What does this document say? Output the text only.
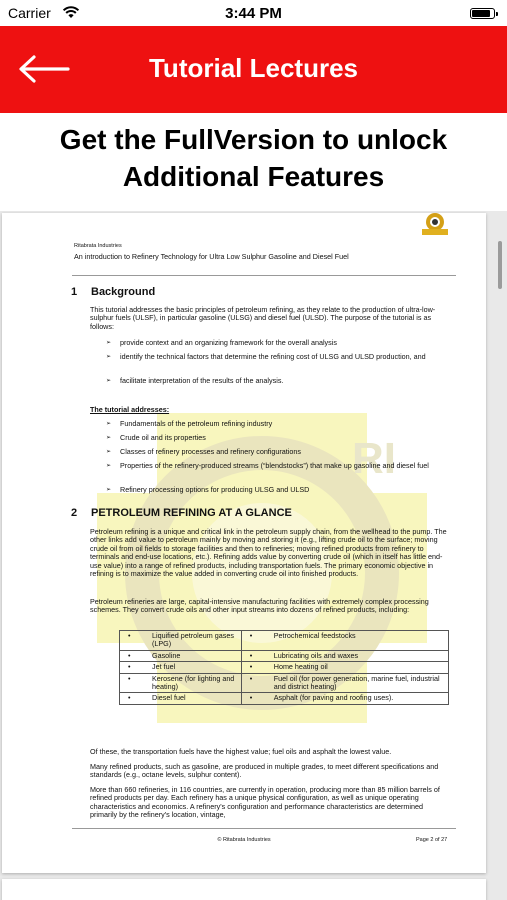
Carrier	3:44 PM
Tutorial Lectures
Get the FullVersion to unlock
Additional Features
RI
Ritabrata Industries
An introduction to Refinery Technology for Ultra Low Sulphur Gasoline and Diesel Fuel
1 Background
This tutorial addresses the basic principles of petroleum refining, as they relate to the production of ultra-low-sulphur fuels (ULSF), in particular gasoline (ULSG) and diesel fuel (ULSD). The purpose of the tutorial is as follows:
➢ provide context and an organizing framework for the overall analysis
➢ identify the technical factors that determine the refining cost of ULSG and ULSD production, and
➢ facilitate interpretation of the results of the analysis.
The tutorial addresses:
➢ Fundamentals of the petroleum refining industry
➢ Crude oil and its properties
➢ Classes of refinery processes and refinery configurations
➢ Properties of the refinery-produced streams (“blendstocks”) that make up gasoline and diesel fuel
➢ Refinery processing options for producing ULSG and ULSD
2 PETROLEUM REFINING AT A GLANCE
Petroleum refining is a unique and critical link in the petroleum supply chain, from the wellhead to the pump. The other links add value to petroleum mainly by moving and storing it (e.g., lifting crude oil to the surface; moving crude oil from oil fields to storage facilities and then to refineries; moving refined products from refinery to terminals and end-use locations, etc.). Refining adds value by converting crude oil (which in itself has little end-use value) into a range of refined products, including transportation fuels. The primary economic objective in refining is to maximize the value added in converting crude oil into finished products.
Petroleum refineries are large, capital-intensive manufacturing facilities with extremely complex processing schemes. They convert crude oils and other input streams into dozens of refined products, including:
• Liquified petroleum gases (LPG)	• Petrochemical feedstocks
• Gasoline	• Lubricating oils and waxes
• Jet fuel	• Home heating oil
• Kerosene (for lighting and heating)	• Fuel oil (for power generation, marine fuel, industrial and district heating)
• Diesel fuel	• Asphalt (for paving and roofing uses).
Of these, the transportation fuels have the highest value; fuel oils and asphalt the lowest value.
Many refined products, such as gasoline, are produced in multiple grades, to meet different specifications and standards (e.g., octane levels, sulphur content).
More than 660 refineries, in 116 countries, are currently in operation, producing more than 85 million barrels of refined products per day. Each refinery has a unique physical configuration, as well as unique operating characteristics and economics. A refinery's configuration and performance characteristics are determined primarily by the refinery's location, vintage,
© Ritabrata Industries	Page 2 of 27
